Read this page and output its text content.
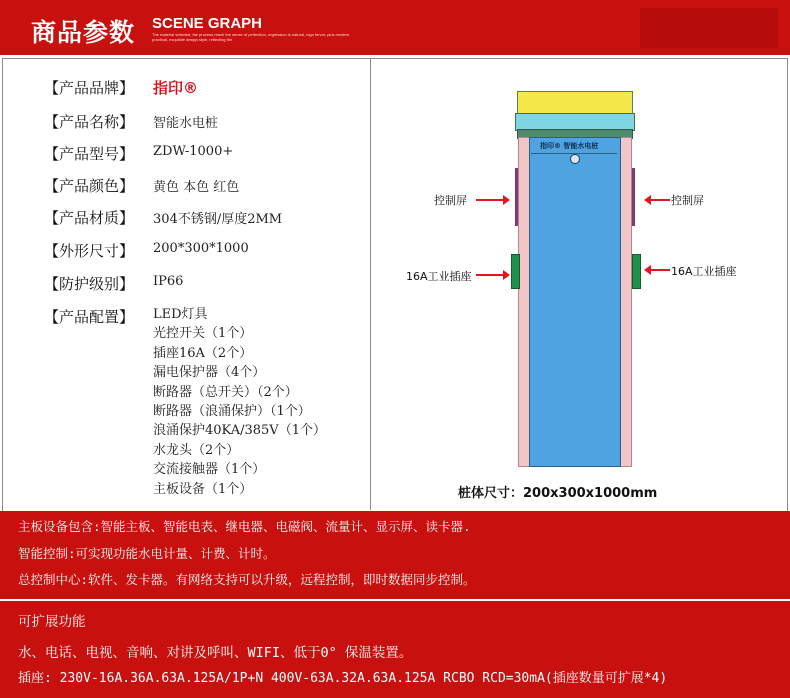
商品参数 SCENE GRAPH
The material selected, the process reach the sense of perfection, regression is natural, logo fervor, plus modern, practical, exquisite design style, reflecting the
【产品品牌】	指印®
【产品名称】	智能水电桩
【产品型号】	ZDW-1000+
【产品颜色】	黄色 本色 红色
【产品材质】	304不锈钢/厚度2MM
【外形尺寸】	200*300*1000
【防护级别】	IP66
【产品配置】	LED灯具
光控开关（1个）
插座16A（2个）
漏电保护器（4个）
断路器（总开关）（2个）
断路器（浪涌保护）（1个）
浪涌保护40KA/385V（1个）
水龙头（2个）
交流接触器（1个）
主板设备（1个）
指印® 智能水电桩
控制屏	控制屏
16A工业插座	16A工业插座
桩体尺寸：200x300x1000mm
主板设备包含:智能主板、智能电表、继电器、电磁阀、流量计、显示屏、读卡器.
智能控制:可实现功能水电计量、计费、计时。
总控制中心:软件、发卡器。有网络支持可以升级，远程控制，即时数据同步控制。
可扩展功能
水、电话、电视、音响、对讲及呼叫、WIFI、低于0° 保温装置。
插座: 230V-16A.36A.63A.125A/1P+N 400V-63A.32A.63A.125A RCBO RCD=30mA(插座数量可扩展*4)
